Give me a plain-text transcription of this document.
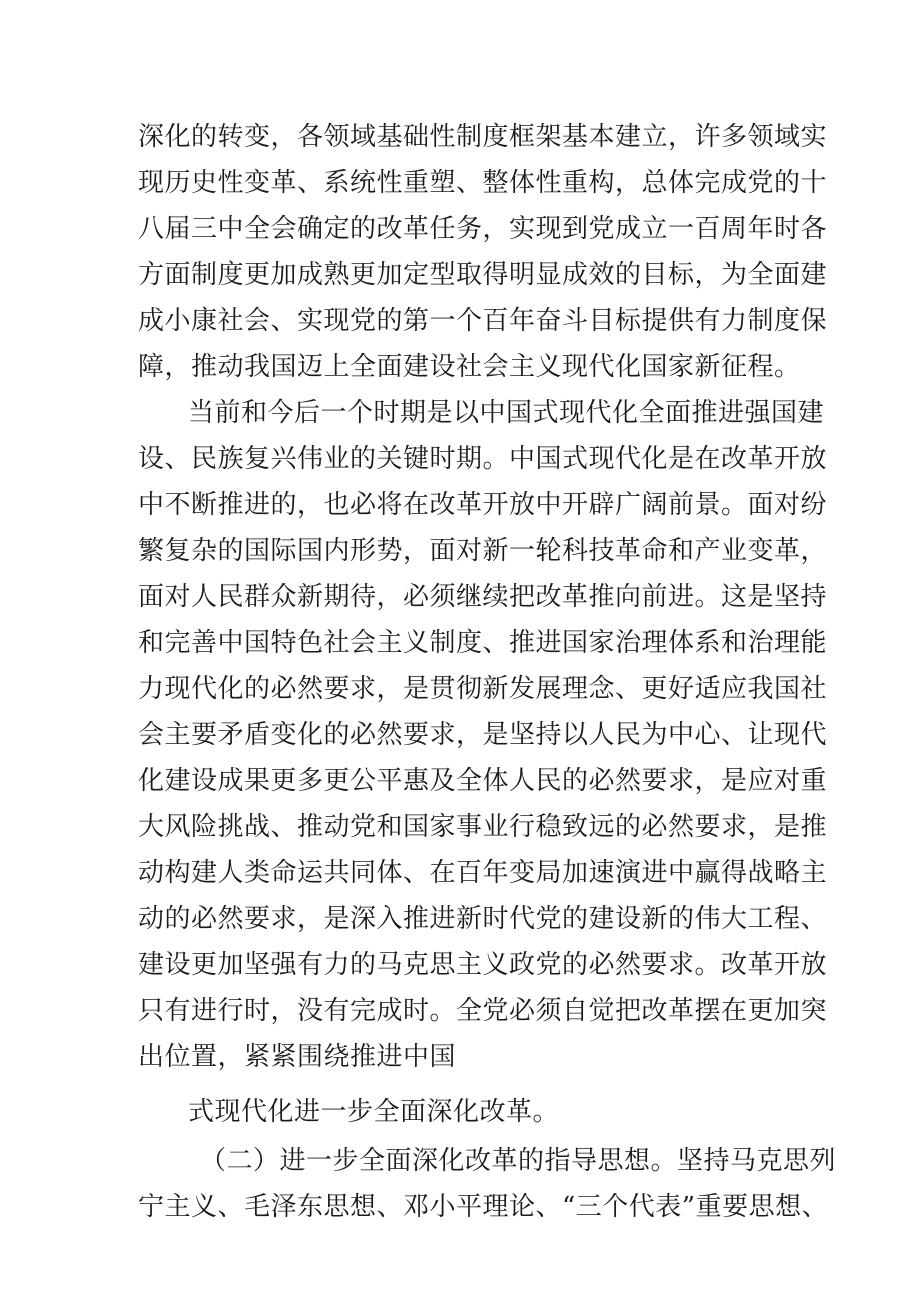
深化的转变，各领域基础性制度框架基本建立，许多领域实
现历史性变革、系统性重塑、整体性重构，总体完成党的十
八届三中全会确定的改革任务，实现到党成立一百周年时各
方面制度更加成熟更加定型取得明显成效的目标，为全面建
成小康社会、实现党的第一个百年奋斗目标提供有力制度保
障，推动我国迈上全面建设社会主义现代化国家新征程。
当前和今后一个时期是以中国式现代化全面推进强国建
设、民族复兴伟业的关键时期。中国式现代化是在改革开放
中不断推进的，也必将在改革开放中开辟广阔前景。面对纷
繁复杂的国际国内形势，面对新一轮科技革命和产业变革，
面对人民群众新期待，必须继续把改革推向前进。这是坚持
和完善中国特色社会主义制度、推进国家治理体系和治理能
力现代化的必然要求，是贯彻新发展理念、更好适应我国社
会主要矛盾变化的必然要求，是坚持以人民为中心、让现代
化建设成果更多更公平惠及全体人民的必然要求，是应对重
大风险挑战、推动党和国家事业行稳致远的必然要求，是推
动构建人类命运共同体、在百年变局加速演进中赢得战略主
动的必然要求，是深入推进新时代党的建设新的伟大工程、
建设更加坚强有力的马克思主义政党的必然要求。改革开放
只有进行时，没有完成时。全党必须自觉把改革摆在更加突
出位置，紧紧围绕推进中国
式现代化进一步全面深化改革。
（二）进一步全面深化改革的指导思想。坚持马克思列
宁主义、毛泽东思想、邓小平理论、“三个代表”重要思想、
